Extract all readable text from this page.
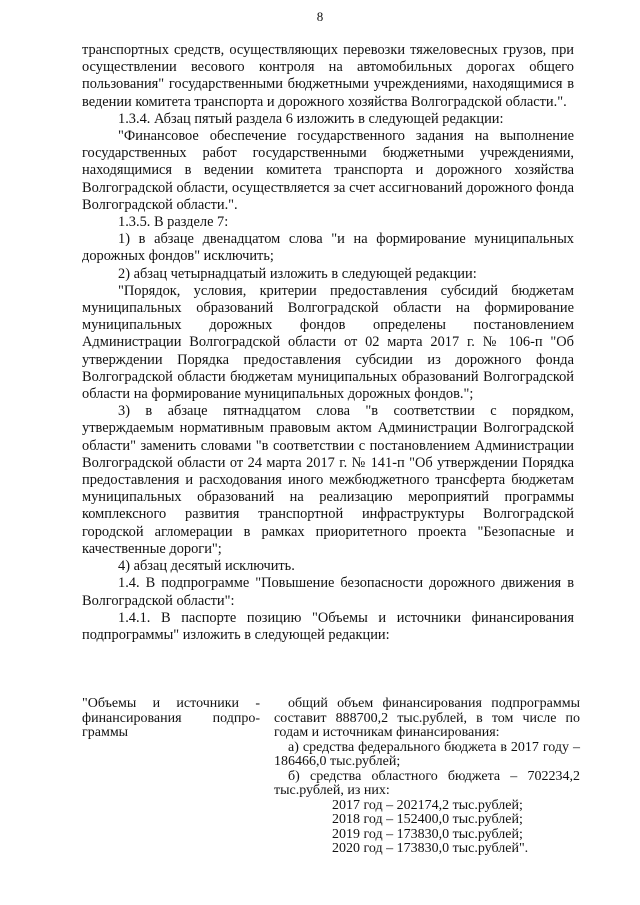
8

транспортных средств, осуществляющих перевозки тяжеловесных грузов, при осуществлении весового контроля на автомобильных дорогах общего пользования" государственными бюджетными учреждениями, находящимися в ведении комитета транспорта и дорожного хозяйства Волгоградской области.".

1.3.4. Абзац пятый раздела 6 изложить в следующей редакции:

"Финансовое обеспечение государственного задания на выполнение государственных работ государственными бюджетными учреждениями, находящимися в ведении комитета транспорта и дорожного хозяйства Волгоградской области, осуществляется за счет ассигнований дорожного фонда Волгоградской области.".

1.3.5. В разделе 7:

1) в абзаце двенадцатом слова "и на формирование муниципальных дорожных фондов" исключить;

2) абзац четырнадцатый изложить в следующей редакции:

"Порядок, условия, критерии предоставления субсидий бюджетам муниципальных образований Волгоградской области на формирование муниципальных дорожных фондов определены постановлением Администрации Волгоградской области от 02 марта 2017 г. № 106-п "Об утверждении Порядка предоставления субсидии из дорожного фонда Волгоградской области бюджетам муниципальных образований Волгоградской области на формирование муниципальных дорожных фондов.";

3) в абзаце пятнадцатом слова "в соответствии с порядком, утверждаемым нормативным правовым актом Администрации Волгоградской области" заменить словами "в соответствии с постановлением Администрации Волгоградской области от 24 марта 2017 г. № 141-п "Об утверждении Порядка предоставления и расходования иного межбюджетного трансферта бюджетам муниципальных образований на реализацию мероприятий программы комплексного развития транспортной инфраструктуры Волгоградской городской агломерации в рамках приоритетного проекта "Безопасные и качественные дороги";

4) абзац десятый исключить.

1.4. В подпрограмме "Повышение безопасности дорожного движения в Волгоградской области":

1.4.1. В паспорте позицию "Объемы и источники финансирования подпрограммы" изложить в следующей редакции:

"Объемы и источники - финансирования подпро-граммы

общий объем финансирования подпрограммы составит 888700,2 тыс.рублей, в том числе по годам и источникам финансирования:

а) средства федерального бюджета в 2017 году – 186466,0 тыс.рублей;

б) средства областного бюджета – 702234,2 тыс.рублей, из них:

2017 год – 202174,2 тыс.рублей;

2018 год – 152400,0 тыс.рублей;

2019 год – 173830,0 тыс.рублей;

2020 год – 173830,0 тыс.рублей".
